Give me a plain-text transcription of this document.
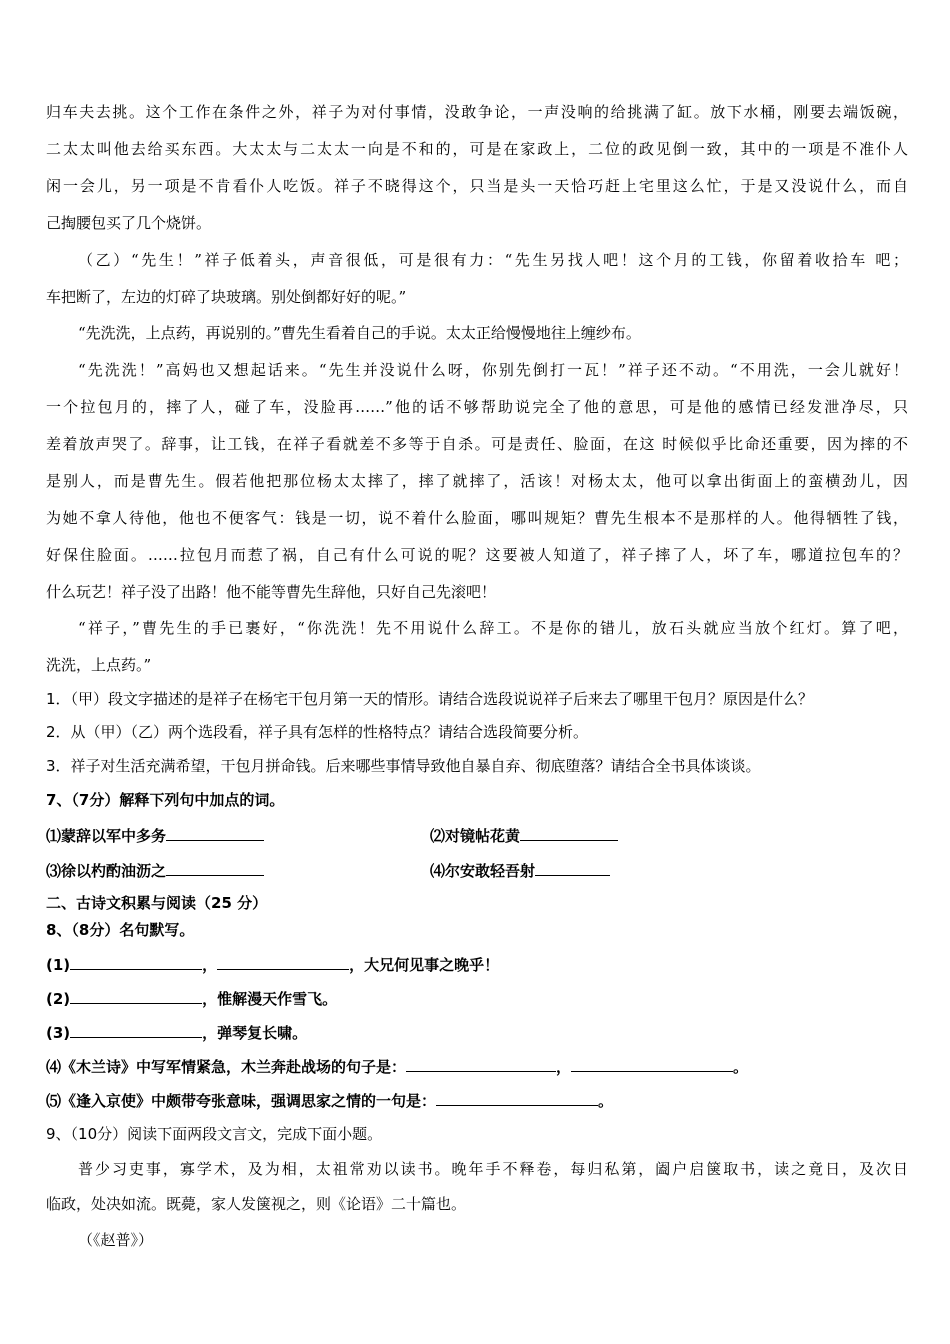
归车夫去挑。这个工作在条件之外，祥子为对付事情，没敢争论，一声没响的给挑满了缸。放下水桶，刚要去端饭碗，
二太太叫他去给买东西。大太太与二太太一向是不和的，可是在家政上，二位的政见倒一致，其中的一项是不准仆人
闲一会儿，另一项是不肯看仆人吃饭。祥子不晓得这个，只当是头一天恰巧赶上宅里这么忙，于是又没说什么，而自
己掏腰包买了几个烧饼。
（乙）“先生！”祥子低着头，声音很低，可是很有力：“先生另找人吧！这个月的工钱，你留着收拾车 吧；
车把断了，左边的灯碎了块玻璃。别处倒都好好的呢。”
“先洗洗，上点药，再说别的。”曹先生看着自己的手说。太太正给慢慢地往上缠纱布。
“先洗洗！”高妈也又想起话来。“先生并没说什么呀，你别先倒打一瓦！”祥子还不动。“不用洗，一会儿就好！
一个拉包月的，摔了人，碰了车，没脸再……”他的话不够帮助说完全了他的意思，可是他的感情已经发泄净尽，只
差着放声哭了。辞事，让工钱，在祥子看就差不多等于自杀。可是责任、脸面，在这 时候似乎比命还重要，因为摔的不
是别人，而是曹先生。假若他把那位杨太太摔了，摔了就摔了，活该！对杨太太，他可以拿出街面上的蛮横劲儿，因
为她不拿人待他，他也不便客气：钱是一切，说不着什么脸面，哪叫规矩？曹先生根本不是那样的人。他得牺牲了钱，
好保住脸面。……拉包月而惹了祸，自己有什么可说的呢？这要被人知道了，祥子摔了人，坏了车，哪道拉包车的？
什么玩艺！祥子没了出路！他不能等曹先生辞他，只好自己先滚吧！
“祥子，”曹先生的手已裹好，“你洗洗！先不用说什么辞工。不是你的错儿，放石头就应当放个红灯。算了吧，
洗洗，上点药。”
1．（甲）段文字描述的是祥子在杨宅干包月第一天的情形。请结合选段说说祥子后来去了哪里干包月？原因是什么？
2．从（甲）（乙）两个选段看，祥子具有怎样的性格特点？请结合选段简要分析。
3．祥子对生活充满希望，干包月拼命钱。后来哪些事情导致他自暴自弃、彻底堕落？请结合全书具体谈谈。
7、（7分）解释下列句中加点的词。
⑴蒙辞以军中多务	⑵对镜帖花黄
⑶徐以杓酌油沥之	⑷尔安敢轻吾射
二、古诗文积累与阅读（25 分）
8、（8分）名句默写。
(1)	，	，大兄何见事之晚乎！
(2)	，惟解漫天作雪飞。
(3)	，弹琴复长啸。
⑷《木兰诗》中写军情紧急，木兰奔赴战场的句子是：	，	。
⑸《逢入京使》中颇带夸张意味，强调思家之情的一句是：	。
9、（10分）阅读下面两段文言文，完成下面小题。
普少习吏事，寡学术，及为相，太祖常劝以读书。晚年手不释卷，每归私第，阖户启箧取书，读之竟日，及次日
临政，处决如流。既薨，家人发箧视之，则《论语》二十篇也。
（《赵普》）
